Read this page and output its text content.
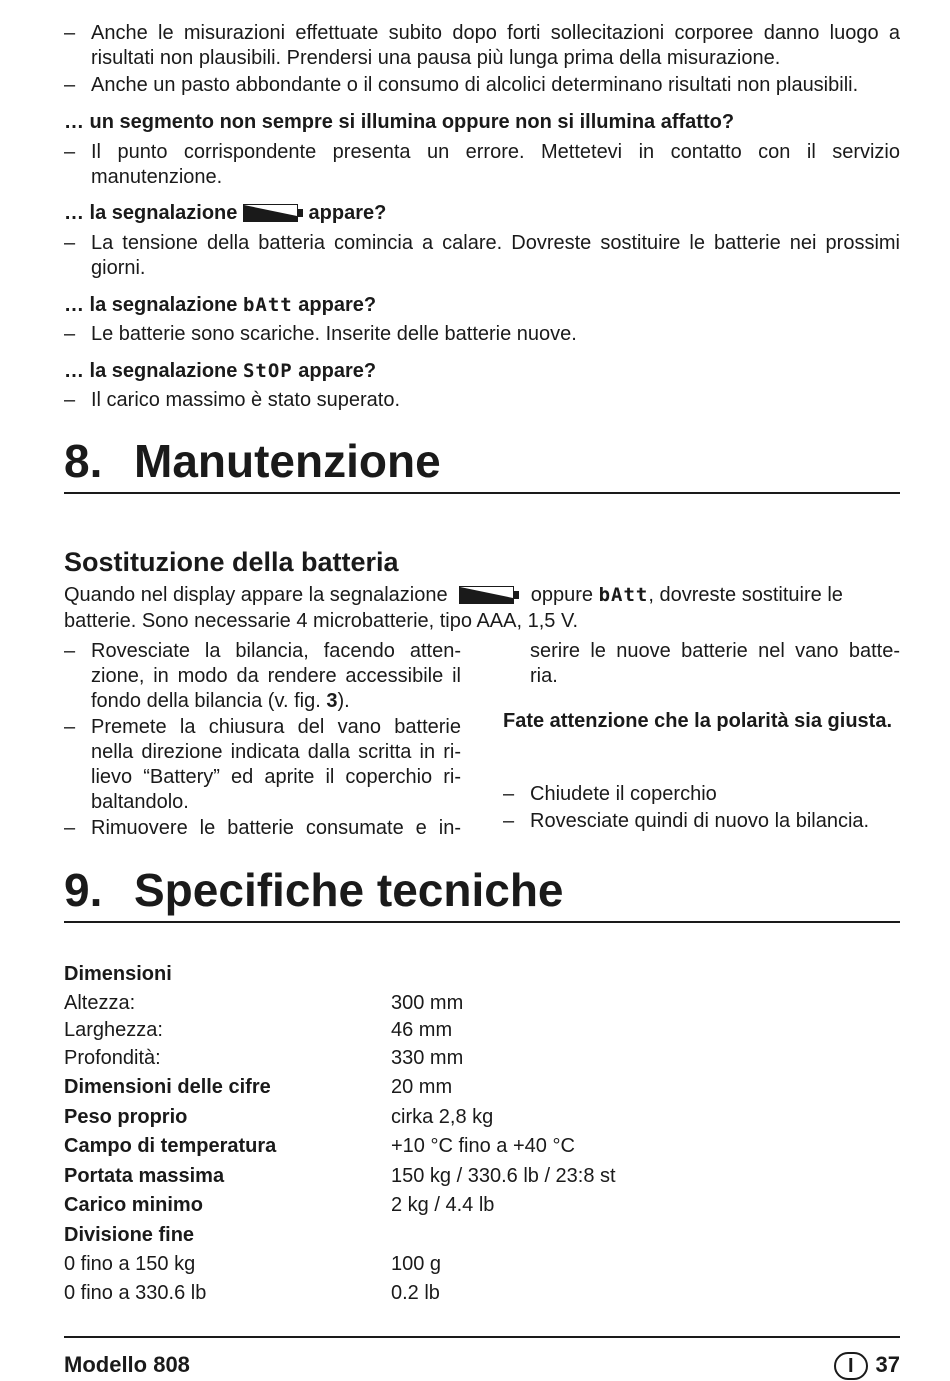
– Anche le misurazioni effettuate subito dopo forti sollecitazioni corporee danno luogo a risultati non plausibili. Prendersi una pausa più lunga prima della misurazione.
– Anche un pasto abbondante o il consumo di alcolici determinano risultati non plausibili.
… un segmento non sempre si illumina oppure non si illumina affatto?
– Il punto corrispondente presenta un errore. Mettetevi in contatto con il servizio manutenzione.
… la segnalazione	appare?
– La tensione della batteria comincia a calare. Dovreste sostituire le batterie nei prossimi giorni.
… la segnalazione bAtt appare?
– Le batterie sono scariche. Inserite delle batterie nuove.
… la segnalazione StOP appare?
– Il carico massimo è stato superato.
8. Manutenzione
Sostituzione della batteria
Quando nel display appare la segnalazione	oppure bAtt, dovreste sostituire le
batterie. Sono necessarie 4 microbatterie, tipo AAA, 1,5 V.
– Rovesciate la bilancia, facendo atten-
zione, in modo da rendere accessibile il
fondo della bilancia (v. fig. 3).
– Premete la chiusura del vano batterie
nella direzione indicata dalla scritta in ri-
lievo “Battery” ed aprite il coperchio ri-
baltandolo.
– Rimuovere le batterie consumate e in-
serire le nuove batterie nel vano batte-
ria.
Fate attenzione che la polarità sia giusta.
– Chiudete il coperchio
– Rovesciate quindi di nuovo la bilancia.
9. Specifiche tecniche
Dimensioni
Altezza:	300 mm
Larghezza:	46 mm
Profondità:	330 mm
Dimensioni delle cifre	20 mm
Peso proprio	cirka 2,8 kg
Campo di temperatura	+10 °C fino a +40 °C
Portata massima	150 kg / 330.6 lb / 23:8 st
Carico minimo	2 kg / 4.4 lb
Divisione fine
0 fino a 150 kg	100 g
0 fino a 330.6 lb	0.2 lb
Modello 808	I 37
